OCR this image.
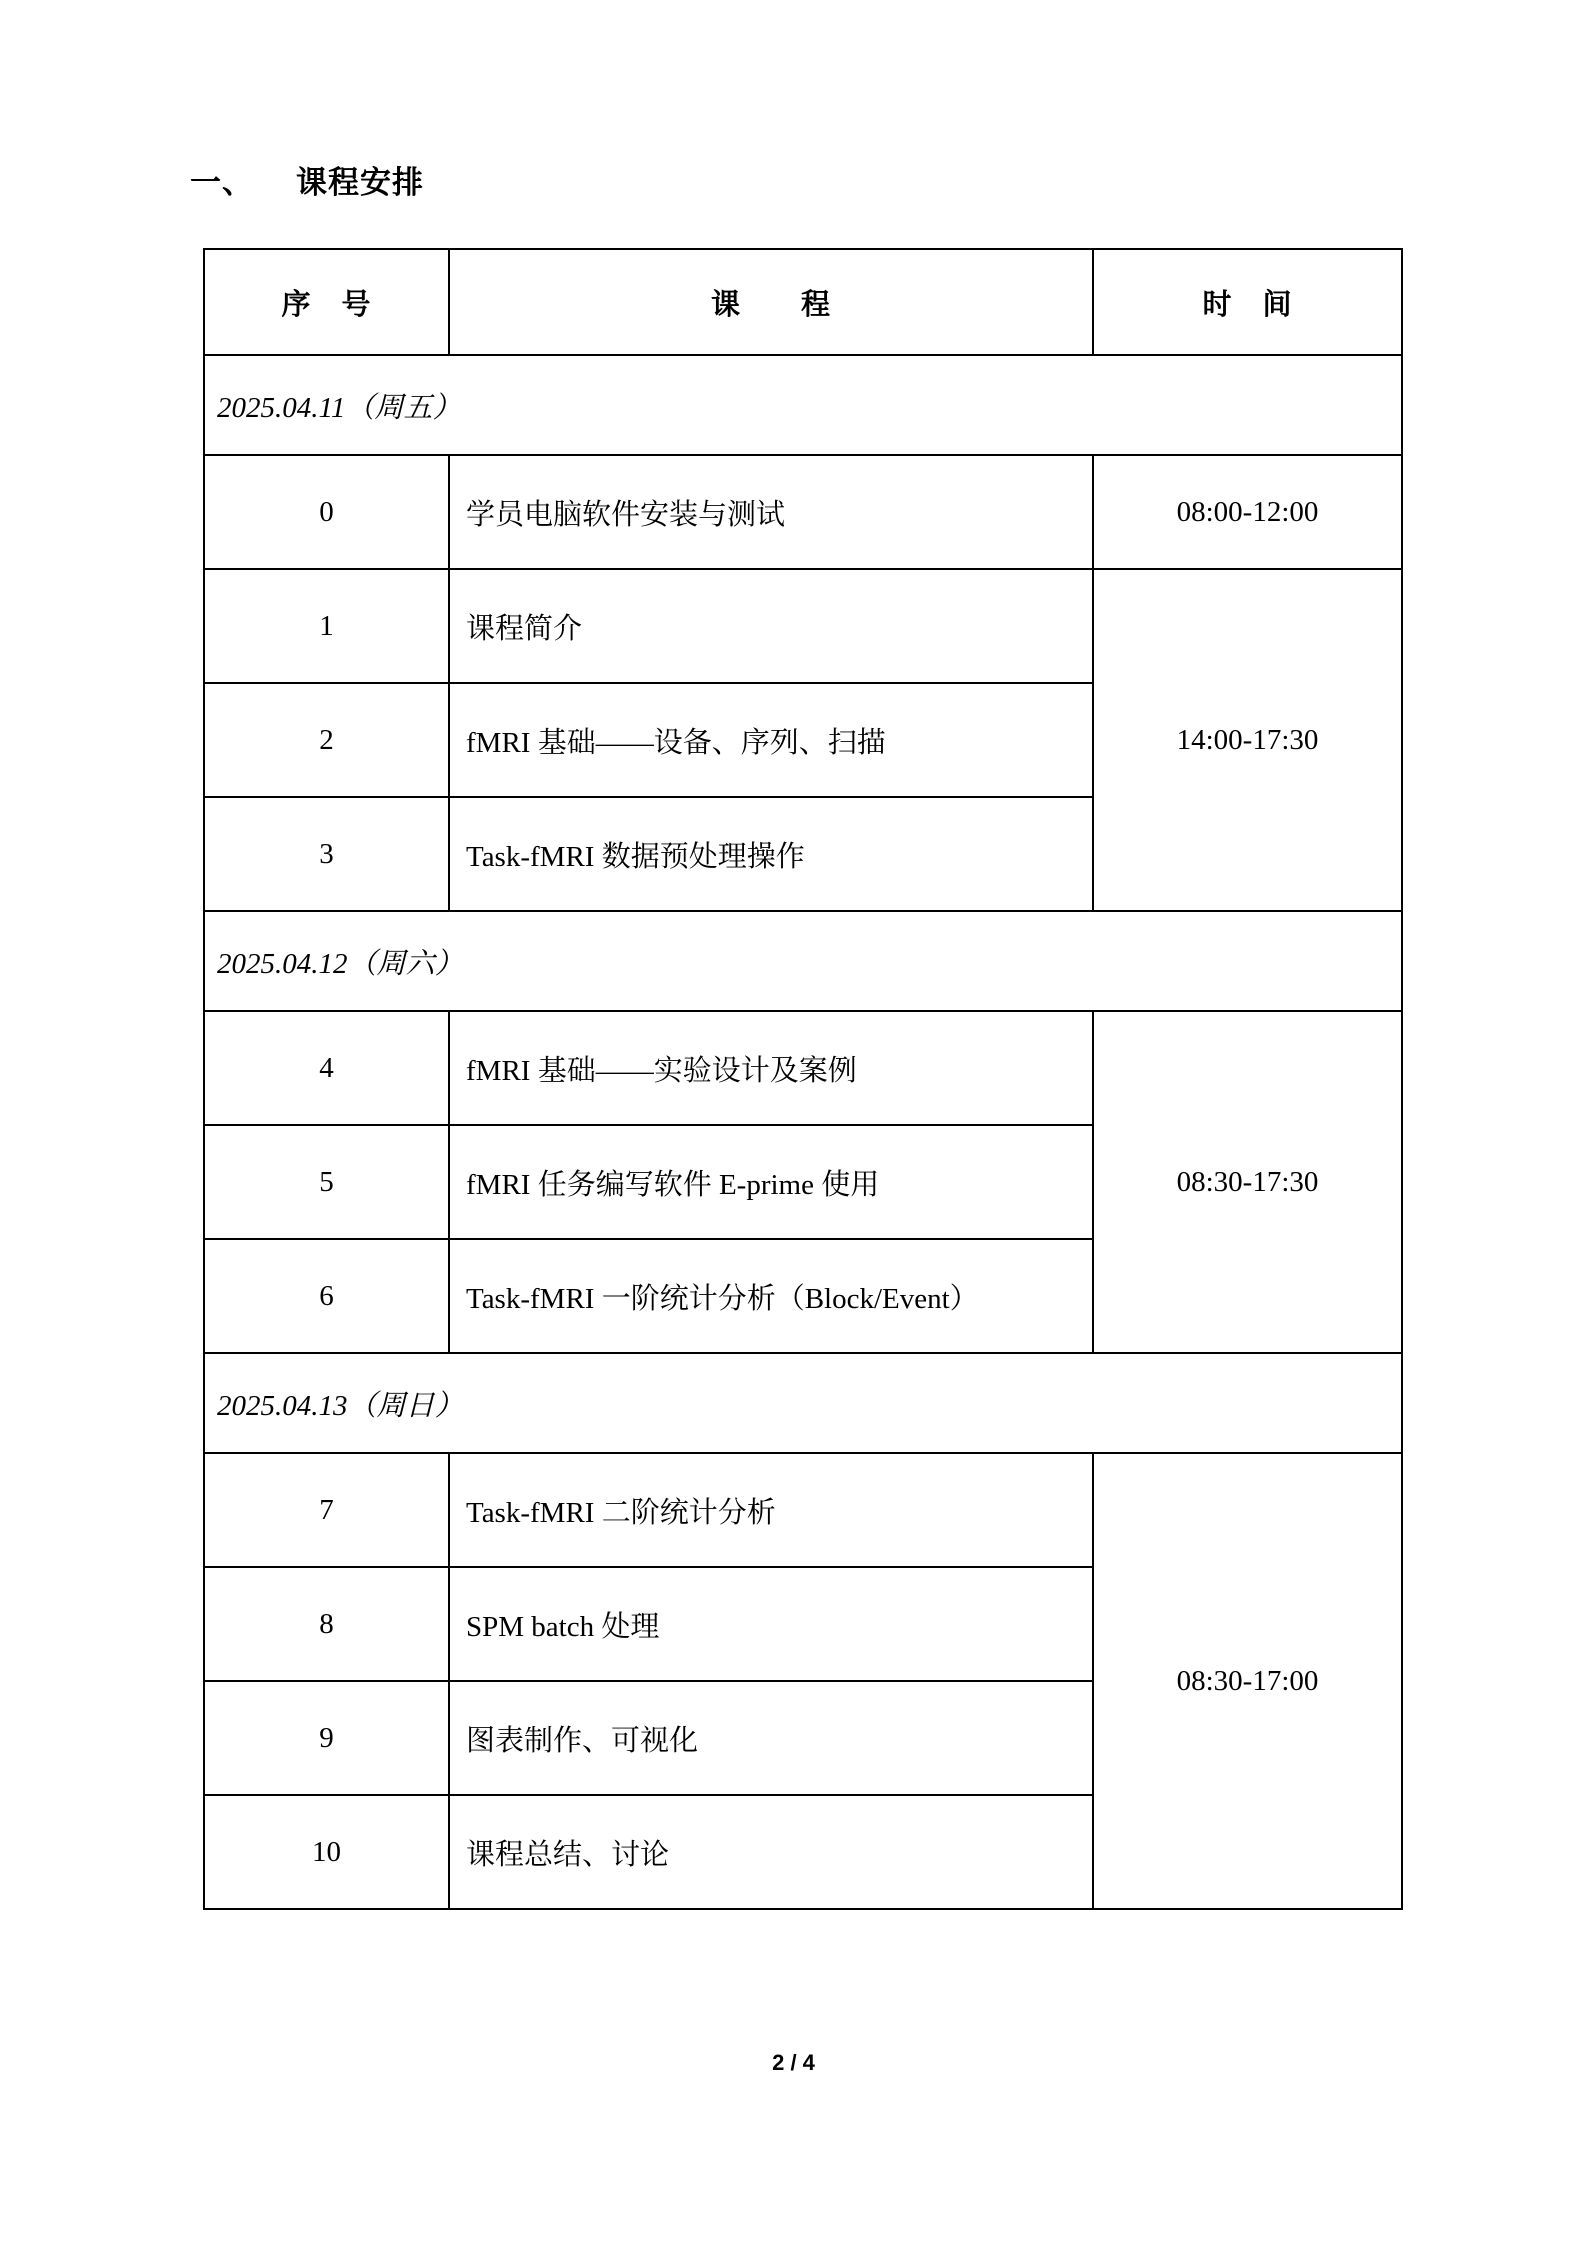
一、	课程安排
序　号	课　　程	时　间
2025.04.11（周五）		
0	学员电脑软件安装与测试	08:00-12:00
1	课程简介	14:00-17:30
2	fMRI 基础——设备、序列、扫描	
3	Task-fMRI 数据预处理操作	
2025.04.12（周六）		
4	fMRI 基础——实验设计及案例	08:30-17:30
5	fMRI 任务编写软件 E-prime 使用	
6	Task-fMRI 一阶统计分析（Block/Event）	
2025.04.13（周日）		
7	Task-fMRI 二阶统计分析	08:30-17:00
8	SPM batch 处理	
9	图表制作、可视化	
10	课程总结、讨论	
2 / 4
